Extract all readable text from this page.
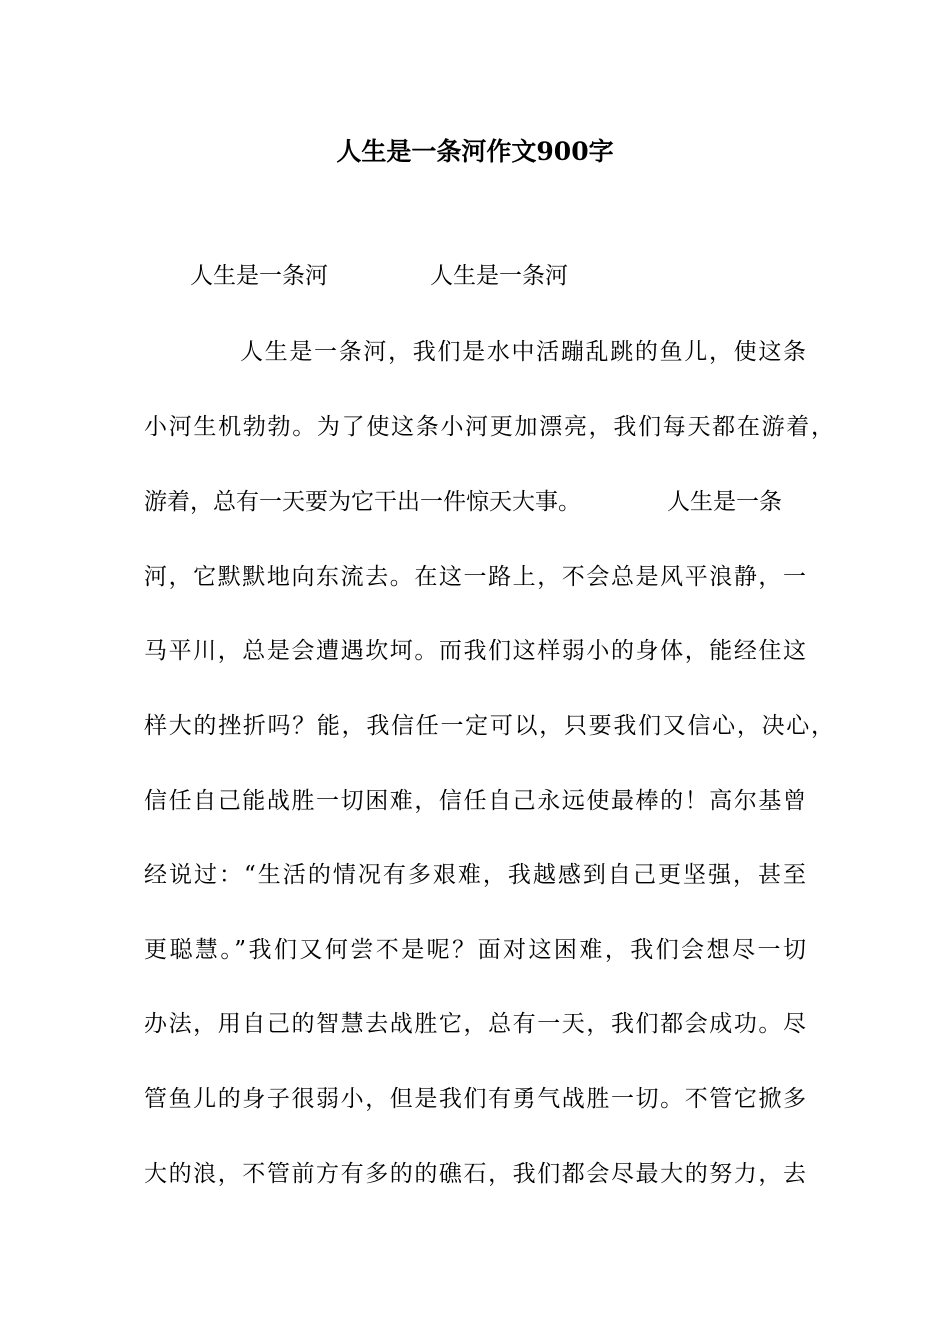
人生是一条河作文900字
人生是一条河	人生是一条河
人生是一条河，我们是水中活蹦乱跳的鱼儿，使这条
小河生机勃勃。为了使这条小河更加漂亮，我们每天都在游着，
游着，总有一天要为它干出一件惊天大事。	人生是一条
河，它默默地向东流去。在这一路上，不会总是风平浪静，一
马平川，总是会遭遇坎坷。而我们这样弱小的身体，能经住这
样大的挫折吗？能，我信任一定可以，只要我们又信心，决心，
信任自己能战胜一切困难，信任自己永远使最棒的！高尔基曾
经说过：“生活的情况有多艰难，我越感到自己更坚强，甚至
更聪慧。”我们又何尝不是呢？面对这困难，我们会想尽一切
办法，用自己的智慧去战胜它，总有一天，我们都会成功。尽
管鱼儿的身子很弱小，但是我们有勇气战胜一切。不管它掀多
大的浪，不管前方有多的的礁石，我们都会尽最大的努力，去
